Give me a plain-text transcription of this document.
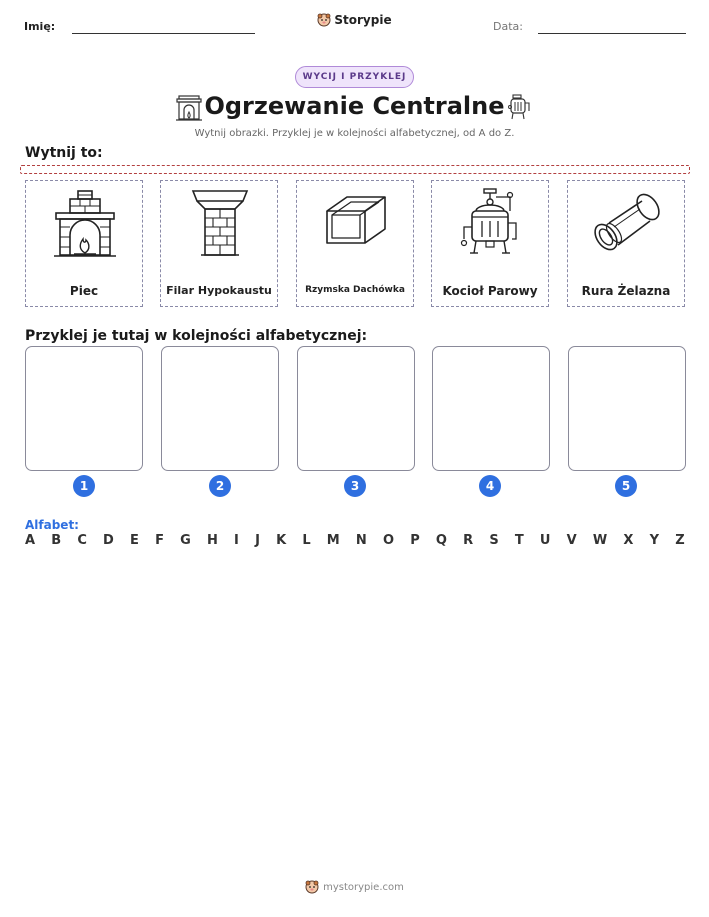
Imię:	Storypie	Data:
WYCIJ I PRZYKLEJ
Ogrzewanie Centralne
Wytnij obrazki. Przyklej je w kolejności alfabetycznej, od A do Z.
Wytnij to:
Piec	Filar Hypokaustu	Rzymska Dachówka	Kocioł Parowy	Rura Żelazna
Przyklej je tutaj w kolejności alfabetycznej:
1	2	3	4	5
Alfabet:
A B C D E F G H I J K L M N O P Q R S T U V W X Y Z
mystorypie.com
